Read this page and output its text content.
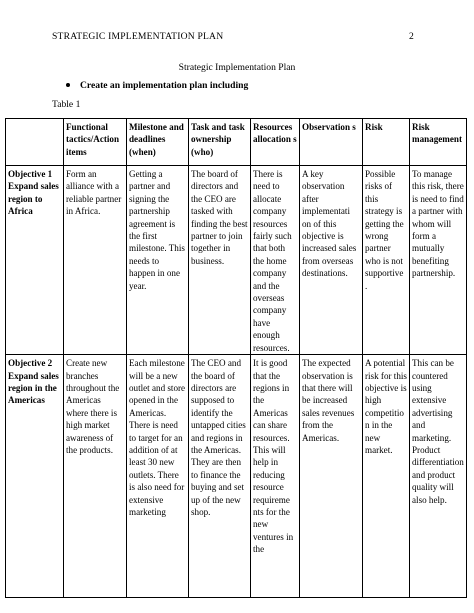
STRATEGIC IMPLEMENTATION PLAN	2
Strategic Implementation Plan
Create an implementation plan including
Table 1
	Functional tactics/Action items	Milestone and deadlines (when)	Task and task ownership (who)	Resources allocation s	Observation s	Risk	Risk management
Objective 1 Expand sales region to Africa	Form an alliance with a reliable partner in Africa.	Getting a partner and signing the partnership agreement is the first milestone. This needs to happen in one year.	The board of directors and the CEO are tasked with finding the best partner to join together in business.	There is need to allocate company resources fairly such that both the home company and the overseas company have enough resources.	A key observation after implementati on of this objective is increased sales from overseas destinations.	Possible risks of this strategy is getting the wrong partner who is not supportive .	To manage this risk, there is need to find a partner with whom will form a mutually benefiting partnership.
Objective 2 Expand sales region in the Americas	Create new branches throughout the Americas where there is high market awareness of the products.	Each milestone will be a new outlet and store opened in the Americas. There is need to target for an addition of at least 30 new outlets. There is also need for extensive marketing	The CEO and the board of directors are supposed to identify the untapped cities and regions in the Americas. They are then to finance the buying and set up of the new shop.	It is good that the regions in the Americas can share resources. This will help in reducing resource requireme nts for the new ventures in the	The expected observation is that there will be increased sales revenues from the Americas.	A potential risk for this objective is high competitio n in the new market.	This can be countered using extensive advertising and marketing. Product differentiation and product quality will also help.
